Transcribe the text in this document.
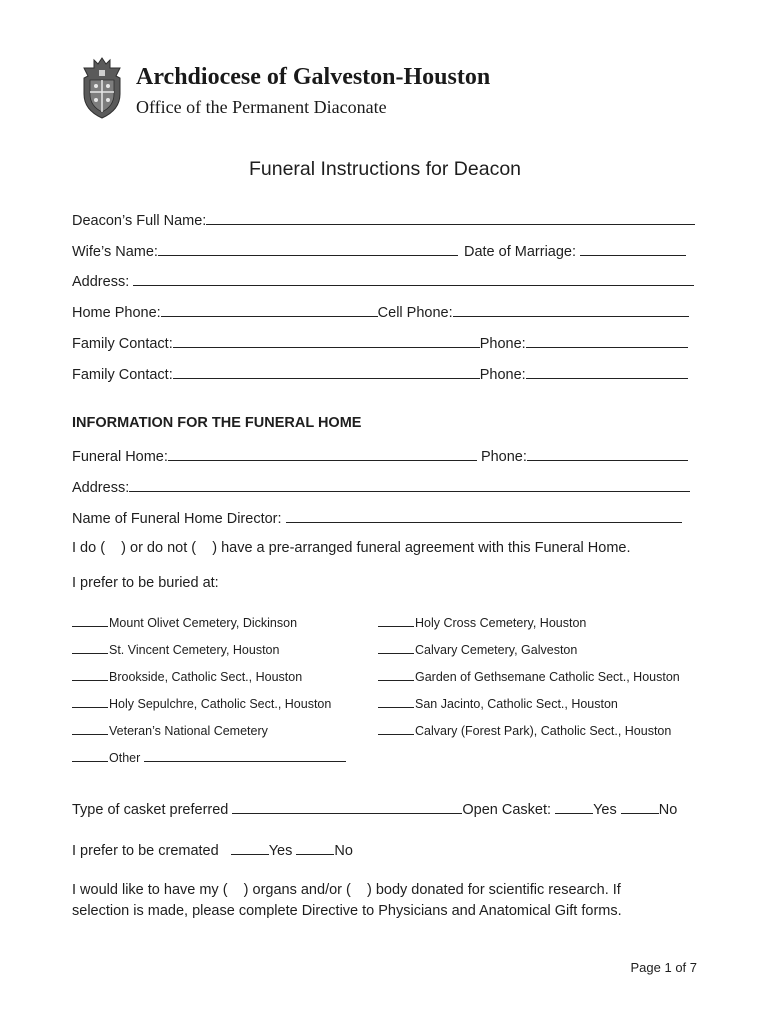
Archdiocese of Galveston-Houston
Office of the Permanent Diaconate
Funeral Instructions for Deacon
Deacon’s Full Name:
Wife’s Name:	Date of Marriage:
Address:
Home Phone:	Cell Phone:
Family Contact:	Phone:
Family Contact:	Phone:
INFORMATION FOR THE FUNERAL HOME
Funeral Home:	Phone:
Address:
Name of Funeral Home Director:
I do (    ) or do not (    ) have a pre-arranged funeral agreement with this Funeral Home.
I prefer to be buried at:
Mount Olivet Cemetery, Dickinson
St. Vincent Cemetery, Houston
Brookside, Catholic Sect., Houston
Holy Sepulchre, Catholic Sect., Houston
Veteran’s National Cemetery
Other
Holy Cross Cemetery, Houston
Calvary Cemetery, Galveston
Garden of Gethsemane Catholic Sect., Houston
San Jacinto, Catholic Sect., Houston
Calvary (Forest Park), Catholic Sect., Houston
Type of casket preferred	Open Casket:	Yes	No
I prefer to be cremated	Yes	No
I would like to have my (    ) organs and/or (    ) body donated for scientific research. If
selection is made, please complete Directive to Physicians and Anatomical Gift forms.
Page 1 of 7
